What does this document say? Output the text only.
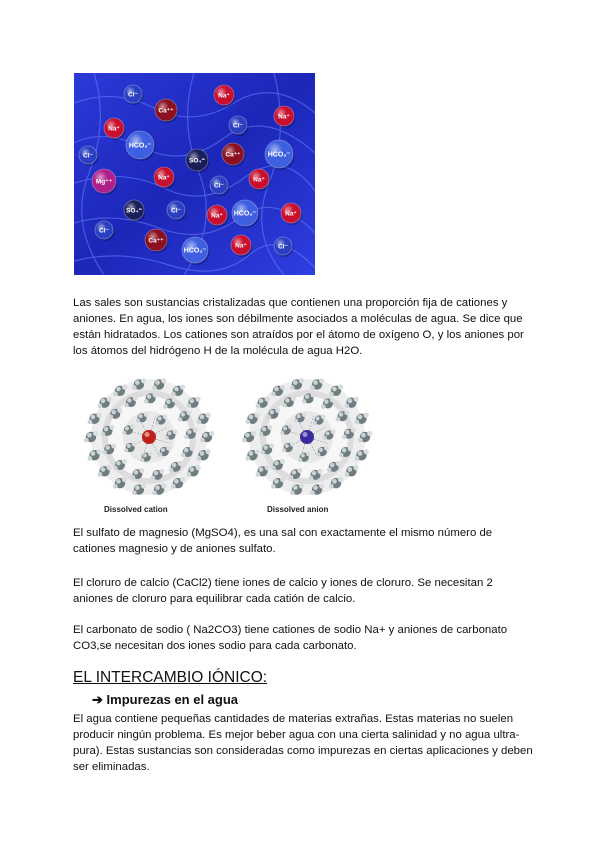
Cl⁻
Ca⁺⁺
Na⁺
Na⁺
HCO₃⁻
Cl⁻
Na⁺
Cl⁻
SO₄⁼
Ca⁺⁺	HCO₃⁻
Mg⁺⁺
Na⁺
Cl⁻
Na⁺
SO₄⁼	Cl⁻
Na⁺ HCO₃⁻	Na⁺
Cl⁻
Ca⁺⁺
HCO₃⁻
Na⁺	Cl⁻
Las sales son sustancias cristalizadas que contienen una proporción fija de cationes y aniones. En agua, los iones son débilmente asociados a moléculas de agua. Se dice que están hidratados. Los cationes son atraídos por el átomo de oxígeno O, y los aniones por los átomos del hidrógeno H de la molécula de agua H2O.
Dissolved cation	Dissolved anion
El sulfato de magnesio (MgSO4), es una sal con exactamente el mismo número de cationes magnesio y de aniones sulfato.
El cloruro de calcio (CaCl2) tiene iones de calcio y iones de cloruro. Se necesitan 2 aniones de cloruro para equilibrar cada catión de calcio.
El carbonato de sodio ( Na2CO3) tiene cationes de sodio Na+ y aniones de carbonato CO3,se necesitan dos iones sodio para cada carbonato.
EL INTERCAMBIO IÓNICO:
➔ Impurezas en el agua
El agua contiene pequeñas cantidades de materias extrañas. Estas materias no suelen producir ningún problema. Es mejor beber agua con una cierta salinidad y no agua ultra-pura). Estas sustancias son consideradas como impurezas en ciertas aplicaciones y deben ser eliminadas.
